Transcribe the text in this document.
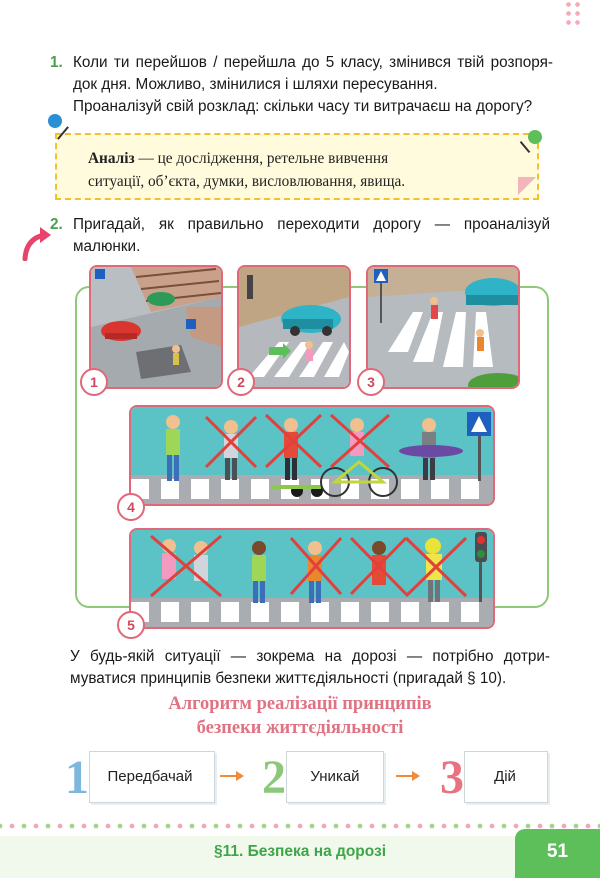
1. Коли ти перейшов / перейшла до 5 класу, змінився твій розпоря-
док дня. Можливо, змінилися і шляхи пересування.
Проаналізуй свій розклад: скільки часу ти витрачаєш на дорогу?
Аналіз — це дослідження, ретельне вивчення
ситуації, об’єкта, думки, висловлювання, явища.
2. Пригадай, як правильно переходити дорогу — проаналізуй
малюнки.
1	2	3
4
5
У будь-якій ситуації — зокрема на дорозі — потрібно дотри-
муватися принципів безпеки життєдіяльності (пригадай § 10).
Алгоритм реалізації принципів
безпеки життєдіяльності
1	Передбачай 2	Уникай	3	Дій
§11. Безпека на дорозі	51
